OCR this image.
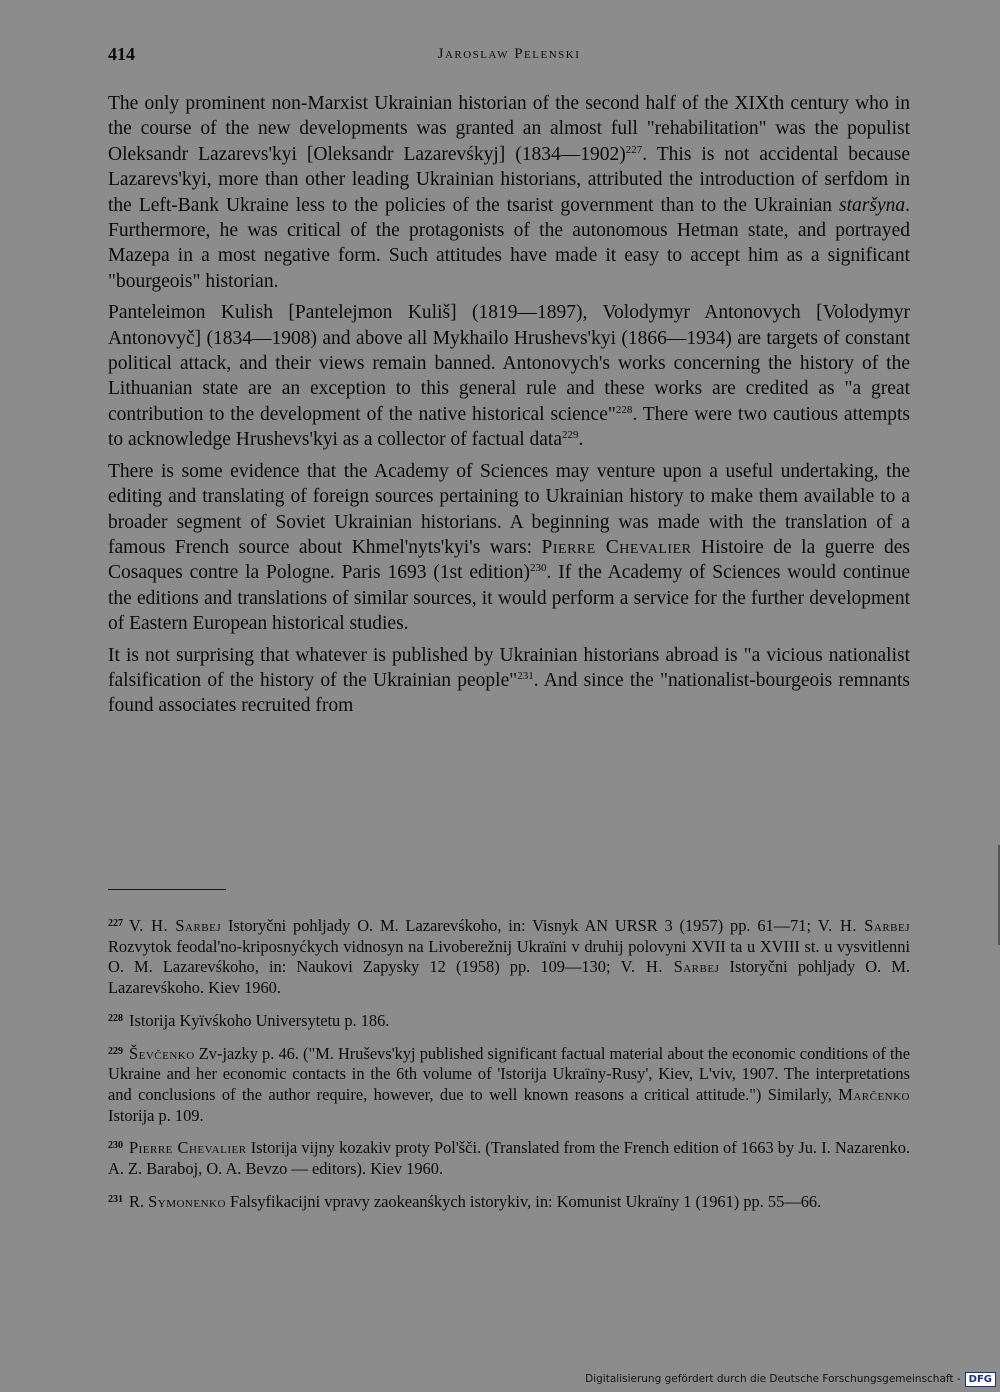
414	Jaroslaw Pelenski

The only prominent non-Marxist Ukrainian historian of the second half of the XIXth century who in the course of the new developments was granted an almost full "rehabilitation" was the populist Oleksandr Lazarevs'kyi [Oleksandr Lazarevśkyj] (1834—1902)$^{227}$. This is not accidental because Lazarevs'kyi, more than other leading Ukrainian historians, attributed the introduction of serfdom in the Left-Bank Ukraine less to the policies of the tsarist government than to the Ukrainian staršyna. Furthermore, he was critical of the protagonists of the autonomous Hetman state, and portrayed Mazepa in a most negative form. Such attitudes have made it easy to accept him as a significant "bourgeois" historian.

Panteleimon Kulish [Pantelejmon Kuliš] (1819—1897), Volodymyr Antonovych [Volodymyr Antonovyč] (1834—1908) and above all Mykhailo Hrushevs'kyi (1866—1934) are targets of constant political attack, and their views remain banned. Antonovych's works concerning the history of the Lithuanian state are an exception to this general rule and these works are credited as "a great contribution to the development of the native historical science"$^{228}$. There were two cautious attempts to acknowledge Hrushevs'kyi as a collector of factual data$^{229}$.

There is some evidence that the Academy of Sciences may venture upon a useful undertaking, the editing and translating of foreign sources pertaining to Ukrainian history to make them available to a broader segment of Soviet Ukrainian historians. A beginning was made with the translation of a famous French source about Khmel'nyts'kyi's wars: Pierre Chevalier Histoire de la guerre des Cosaques contre la Pologne. Paris 1693 (1st edition)$^{230}$. If the Academy of Sciences would continue the editions and translations of similar sources, it would perform a service for the further development of Eastern European historical studies.

It is not surprising that whatever is published by Ukrainian historians abroad is "a vicious nationalist falsification of the history of the Ukrainian people"$^{231}$. And since the "nationalist-bourgeois remnants found associates recruited from

$^{227}$ V. H. Sarbej Istoryčni pohljady O. M. Lazarevśkoho, in: Visnyk AN URSR 3 (1957) pp. 61—71; V. H. Sarbej Rozvytok feodal'no-kriposnyćkych vidnosyn na Livoberežnij Ukraïni v druhij polovyni XVII ta u XVIII st. u vysvitlenni O. M. Lazarevśkoho, in: Naukovi Zapysky 12 (1958) pp. 109—130; V. H. Sarbej Istoryčni pohljady O. M. Lazarevśkoho. Kiev 1960.

$^{228}$ Istorija Kyïvśkoho Universytetu p. 186.

$^{229}$ Ševčenko Zv-jazky p. 46. ("M. Hruševs'kyj published significant factual material about the economic conditions of the Ukraine and her economic contacts in the 6th volume of 'Istorija Ukraïny-Rusy', Kiev, L'viv, 1907. The interpretations and conclusions of the author require, however, due to well known reasons a critical attitude.") Similarly, Marčenko Istorija p. 109.

$^{230}$ Pierre Chevalier Istorija vijny kozakiv proty Pol'šči. (Translated from the French edition of 1663 by Ju. I. Nazarenko. A. Z. Baraboj, O. A. Bevzo — editors). Kiev 1960.

$^{231}$ R. Symonenko Falsyfikacijni vpravy zaokeanśkych istorykiv, in: Komunist Ukraïny 1 (1961) pp. 55—66.

Digitalisierung gefördert durch die Deutsche Forschungsgemeinschaft - DFG
